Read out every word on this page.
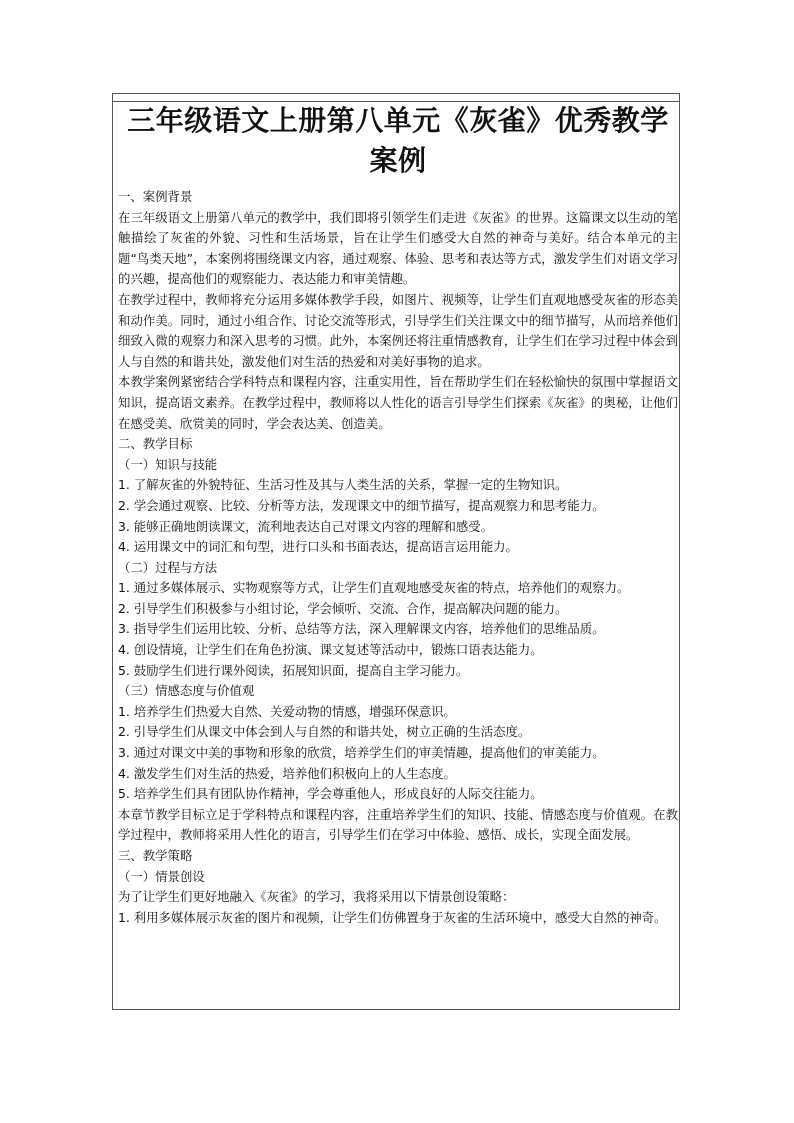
三年级语文上册第八单元《灰雀》优秀教学案例

一、案例背景

在三年级语文上册第八单元的教学中，我们即将引领学生们走进《灰雀》的世界。这篇课文以生动的笔触描绘了灰雀的外貌、习性和生活场景，旨在让学生们感受大自然的神奇与美好。结合本单元的主题“鸟类天地”，本案例将围绕课文内容，通过观察、体验、思考和表达等方式，激发学生们对语文学习的兴趣，提高他们的观察能力、表达能力和审美情趣。

在教学过程中，教师将充分运用多媒体教学手段，如图片、视频等，让学生们直观地感受灰雀的形态美和动作美。同时，通过小组合作、讨论交流等形式，引导学生们关注课文中的细节描写，从而培养他们细致入微的观察力和深入思考的习惯。此外，本案例还将注重情感教育，让学生们在学习过程中体会到人与自然的和谐共处，激发他们对生活的热爱和对美好事物的追求。

本教学案例紧密结合学科特点和课程内容，注重实用性，旨在帮助学生们在轻松愉快的氛围中掌握语文知识，提高语文素养。在教学过程中，教师将以人性化的语言引导学生们探索《灰雀》的奥秘，让他们在感受美、欣赏美的同时，学会表达美、创造美。

二、教学目标

（一）知识与技能

1. 了解灰雀的外貌特征、生活习性及其与人类生活的关系，掌握一定的生物知识。

2. 学会通过观察、比较、分析等方法，发现课文中的细节描写，提高观察力和思考能力。

3. 能够正确地朗读课文，流利地表达自己对课文内容的理解和感受。

4. 运用课文中的词汇和句型，进行口头和书面表达，提高语言运用能力。

（二）过程与方法

1. 通过多媒体展示、实物观察等方式，让学生们直观地感受灰雀的特点，培养他们的观察力。

2. 引导学生们积极参与小组讨论，学会倾听、交流、合作，提高解决问题的能力。

3. 指导学生们运用比较、分析、总结等方法，深入理解课文内容，培养他们的思维品质。

4. 创设情境，让学生们在角色扮演、课文复述等活动中，锻炼口语表达能力。

5. 鼓励学生们进行课外阅读，拓展知识面，提高自主学习能力。

（三）情感态度与价值观

1. 培养学生们热爱大自然、关爱动物的情感，增强环保意识。

2. 引导学生们从课文中体会到人与自然的和谐共处，树立正确的生活态度。

3. 通过对课文中美的事物和形象的欣赏，培养学生们的审美情趣，提高他们的审美能力。

4. 激发学生们对生活的热爱，培养他们积极向上的人生态度。

5. 培养学生们具有团队协作精神，学会尊重他人，形成良好的人际交往能力。

本章节教学目标立足于学科特点和课程内容，注重培养学生们的知识、技能、情感态度与价值观。在教学过程中，教师将采用人性化的语言，引导学生们在学习中体验、感悟、成长，实现全面发展。

三、教学策略

（一）情景创设

为了让学生们更好地融入《灰雀》的学习，我将采用以下情景创设策略：

1. 利用多媒体展示灰雀的图片和视频，让学生们仿佛置身于灰雀的生活环境中，感受大自然的神奇。
